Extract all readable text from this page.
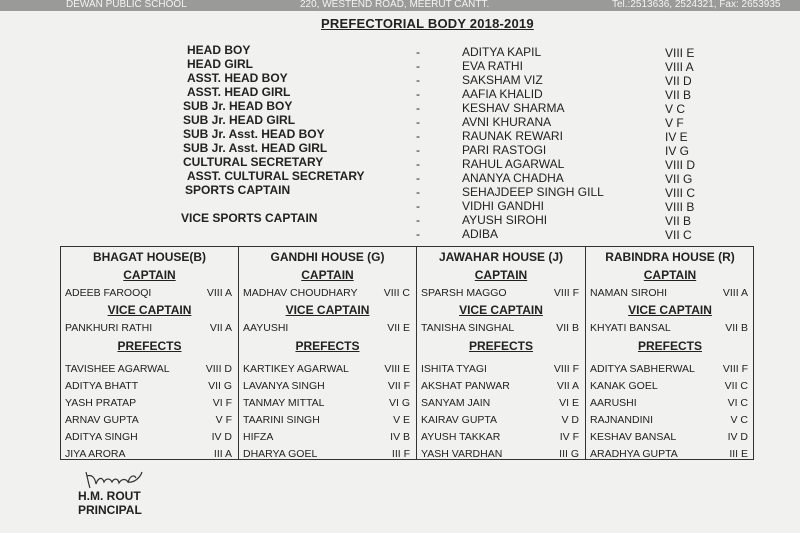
DEWAN PUBLIC SCHOOL	220, WESTEND ROAD, MEERUT CANTT.	Tel.:2513636, 2524321, Fax: 2653935
PREFECTORIAL BODY 2018-2019
HEAD BOY	-	ADITYA KAPIL	VIII E
HEAD GIRL	-	EVA RATHI	VIII A
ASST. HEAD BOY	-	SAKSHAM VIZ	VII D
ASST. HEAD GIRL	-	AAFIA KHALID	VII B
SUB Jr. HEAD BOY	-	KESHAV SHARMA	V C
SUB Jr. HEAD GIRL	-	AVNI KHURANA	V F
SUB Jr. Asst. HEAD BOY	-	RAUNAK REWARI	IV E
SUB Jr. Asst. HEAD GIRL	-	PARI RASTOGI	IV G
CULTURAL SECRETARY	-	RAHUL AGARWAL	VIII D
ASST. CULTURAL SECRETARY	-	ANANYA CHADHA	VII G
SPORTS CAPTAIN	-	SEHAJDEEP SINGH GILL	VIII C
-	VIDHI GANDHI	VIII B
VICE SPORTS CAPTAIN	-	AYUSH SIROHI	VII B
-	ADIBA	VII C
BHAGAT HOUSE(B)
CAPTAIN
ADEEB FAROOQI	VIII A
VICE CAPTAIN
PANKHURI RATHI	VII A
PREFECTS
TAVISHEE AGARWAL	VIII D
ADITYA BHATT	VII G
YASH PRATAP	VI F
ARNAV GUPTA	V F
ADITYA SINGH	IV D
JIYA ARORA	III A
GANDHI HOUSE (G)
CAPTAIN
MADHAV CHOUDHARY VIII C
VICE CAPTAIN
AAYUSHI	VII E
PREFECTS
KARTIKEY AGARWAL	VIII E
LAVANYA SINGH	VII F
TANMAY MITTAL	VI G
TAARINI SINGH	V E
HIFZA	IV B
DHARYA GOEL	III F
JAWAHAR HOUSE (J)
CAPTAIN
SPARSH MAGGO	VIII F
VICE CAPTAIN
TANISHA SINGHAL	VII B
PREFECTS
ISHITA TYAGI	VIII F
AKSHAT PANWAR	VII A
SANYAM JAIN	VI E
KAIRAV GUPTA	V D
AYUSH TAKKAR	IV F
YASH VARDHAN	III G
RABINDRA HOUSE (R)
CAPTAIN
NAMAN SIROHI	VIII A
VICE CAPTAIN
KHYATI BANSAL	VII B
PREFECTS
ADITYA SABHERWAL	VIII F
KANAK GOEL	VII C
AARUSHI	VI C
RAJNANDINI	V C
KESHAV BANSAL	IV D
ARADHYA GUPTA	III E
H.M. ROUT
PRINCIPAL
